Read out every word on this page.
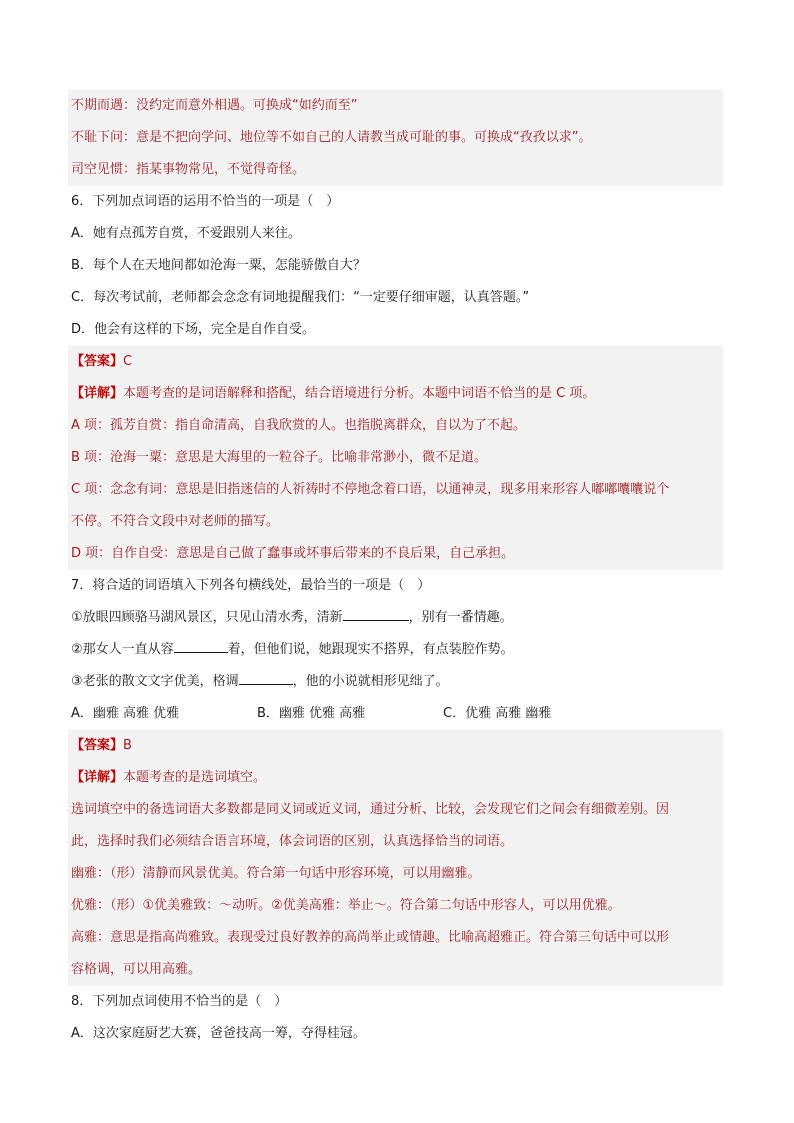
不期而遇：没约定而意外相遇。可换成“如约而至”
不耻下问：意是不把向学问、地位等不如自己的人请教当成可耻的事。可换成“孜孜以求”。
司空见惯：指某事物常见，不觉得奇怪。
6．下列加点词语的运用不恰当的一项是（　）
A．她有点孤芳自赏，不爱跟别人来往。
B．每个人在天地间都如沧海一粟，怎能骄傲自大？
C．每次考试前，老师都会念念有词地提醒我们：“一定要仔细审题，认真答题。”
D．他会有这样的下场，完全是自作自受。
【答案】C
【详解】本题考查的是词语解释和搭配，结合语境进行分析。本题中词语不恰当的是 C 项。
A 项：孤芳自赏：指自命清高，自我欣赏的人。也指脱离群众，自以为了不起。
B 项：沧海一粟：意思是大海里的一粒谷子。比喻非常渺小，微不足道。
C 项：念念有词：意思是旧指迷信的人祈祷时不停地念着口语，以通神灵，现多用来形容人嘟嘟囔囔说个
不停。不符合文段中对老师的描写。
D 项：自作自受：意思是自己做了蠢事或坏事后带来的不良后果，自己承担。
7．将合适的词语填入下列各句横线处，最恰当的一项是（　）
①放眼四顾骆马湖风景区，只见山清水秀，清新	，别有一番情趣。
②那女人一直从容	着，但他们说，她跟现实不搭界，有点装腔作势。
③老张的散文文字优美，格调	，他的小说就相形见绌了。
A．幽雅 高雅 优雅	B．幽雅 优雅 高雅	C．优雅 高雅 幽雅
【答案】B
【详解】本题考查的是选词填空。
选词填空中的备选词语大多数都是同义词或近义词，通过分析、比较，会发现它们之间会有细微差别。因
此，选择时我们必须结合语言环境，体会词语的区别，认真选择恰当的词语。
幽雅：（形）清静而风景优美。符合第一句话中形容环境，可以用幽雅。
优雅：（形）①优美雅致：～动听。②优美高雅：举止～。符合第二句话中形容人，可以用优雅。
高雅：意思是指高尚雅致。表现受过良好教养的高尚举止或情趣。比喻高超雅正。符合第三句话中可以形
容格调，可以用高雅。
8．下列加点词使用不恰当的是（　）
A．这次家庭厨艺大赛，爸爸技高一筹，夺得桂冠。
